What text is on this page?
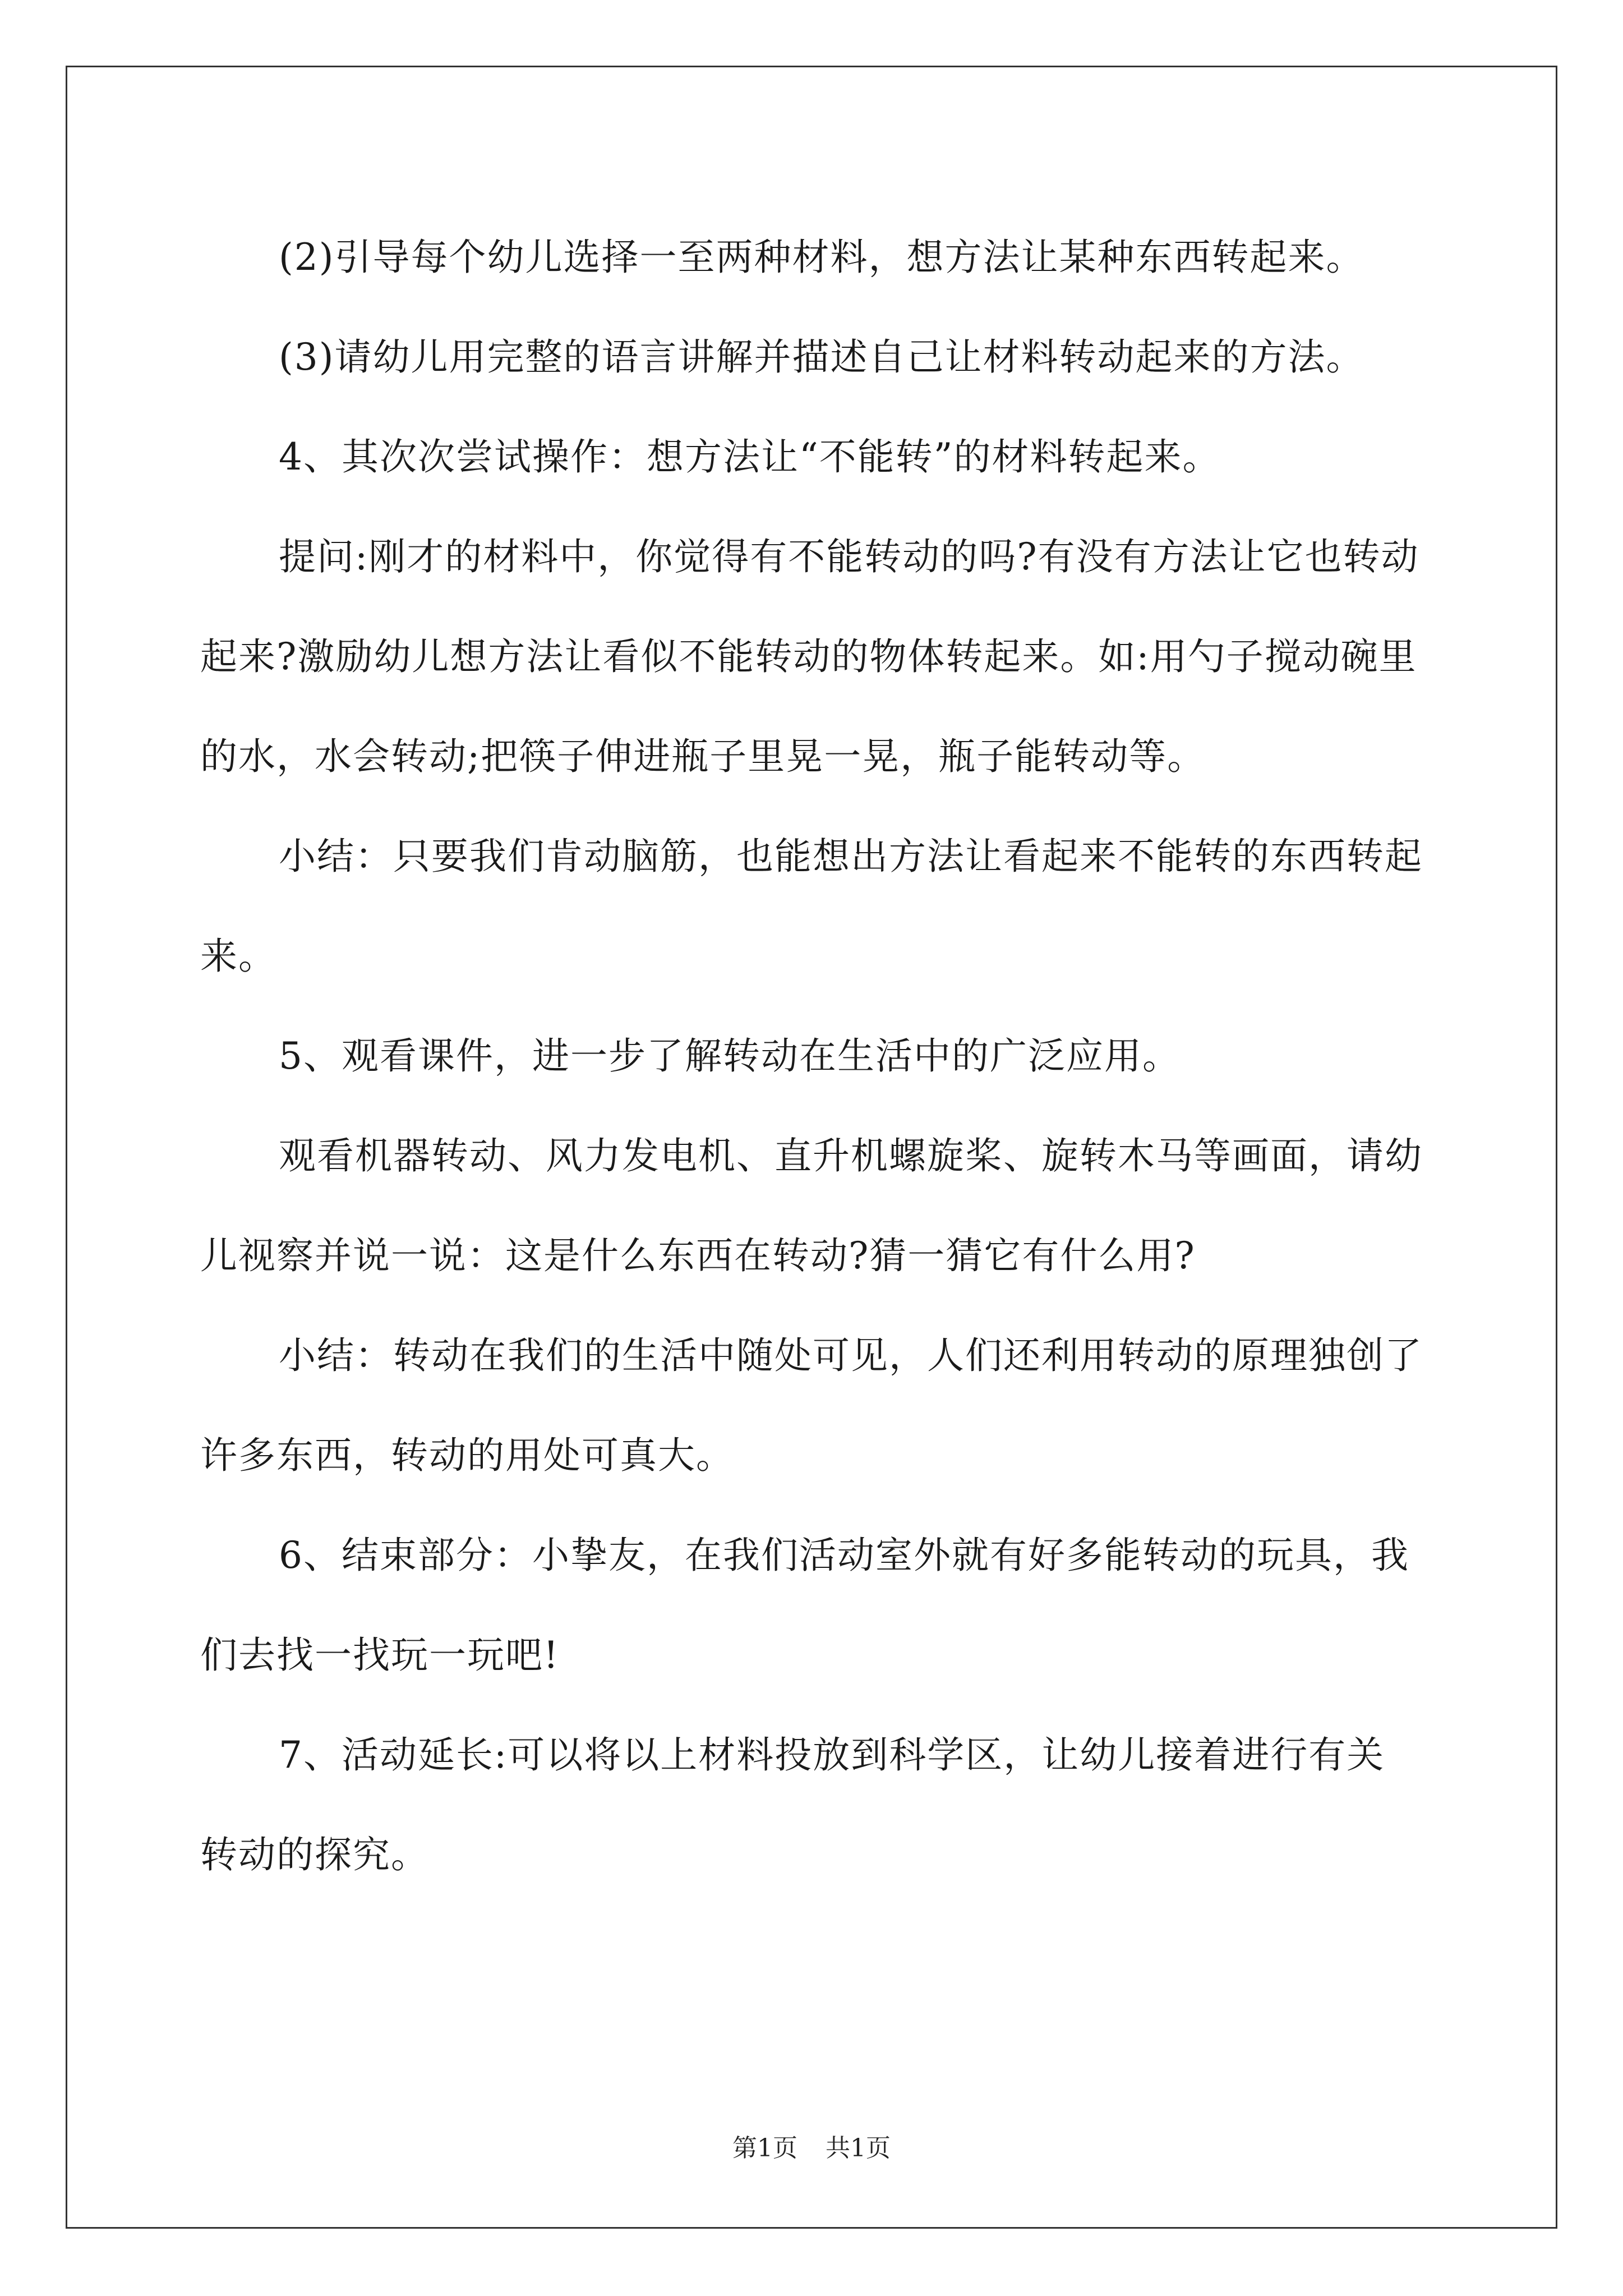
(2)引导每个幼儿选择一至两种材料，想方法让某种东西转起来。

(3)请幼儿用完整的语言讲解并描述自己让材料转动起来的方法。

4、其次次尝试操作：想方法让“不能转”的材料转起来。

提问:刚才的材料中，你觉得有不能转动的吗?有没有方法让它也转动起来?激励幼儿想方法让看似不能转动的物体转起来。如:用勺子搅动碗里的水，水会转动;把筷子伸进瓶子里晃一晃，瓶子能转动等。

小结：只要我们肯动脑筋，也能想出方法让看起来不能转的东西转起来。

5、观看课件，进一步了解转动在生活中的广泛应用。

观看机器转动、风力发电机、直升机螺旋桨、旋转木马等画面，请幼儿视察并说一说：这是什么东西在转动?猜一猜它有什么用?

小结：转动在我们的生活中随处可见，人们还利用转动的原理独创了许多东西，转动的用处可真大。

6、结束部分：小挚友，在我们活动室外就有好多能转动的玩具，我们去找一找玩一玩吧!

7、活动延长:可以将以上材料投放到科学区，让幼儿接着进行有关转动的探究。

第1页 共1页
